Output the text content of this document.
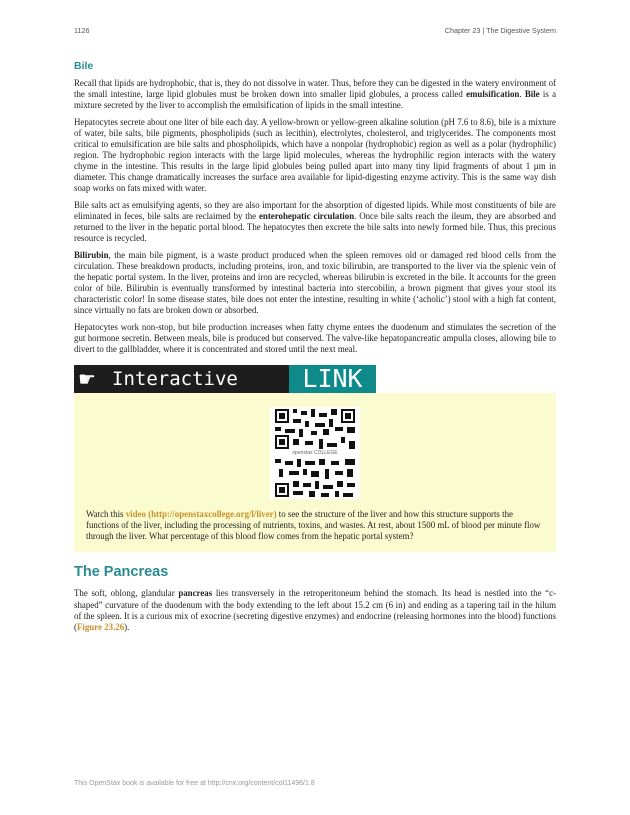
1126	Chapter 23 | The Digestive System
Bile

Recall that lipids are hydrophobic, that is, they do not dissolve in water. Thus, before they can be digested in the watery environment of the small intestine, large lipid globules must be broken down into smaller lipid globules, a process called emulsification. Bile is a mixture secreted by the liver to accomplish the emulsification of lipids in the small intestine.

Hepatocytes secrete about one liter of bile each day. A yellow-brown or yellow-green alkaline solution (pH 7.6 to 8.6), bile is a mixture of water, bile salts, bile pigments, phospholipids (such as lecithin), electrolytes, cholesterol, and triglycerides. The components most critical to emulsification are bile salts and phospholipids, which have a nonpolar (hydrophobic) region as well as a polar (hydrophilic) region. The hydrophobic region interacts with the large lipid molecules, whereas the hydrophilic region interacts with the watery chyme in the intestine. This results in the large lipid globules being pulled apart into many tiny lipid fragments of about 1 µm in diameter. This change dramatically increases the surface area available for lipid-digesting enzyme activity. This is the same way dish soap works on fats mixed with water.

Bile salts act as emulsifying agents, so they are also important for the absorption of digested lipids. While most constituents of bile are eliminated in feces, bile salts are reclaimed by the enterohepatic circulation. Once bile salts reach the ileum, they are absorbed and returned to the liver in the hepatic portal blood. The hepatocytes then excrete the bile salts into newly formed bile. Thus, this precious resource is recycled.

Bilirubin, the main bile pigment, is a waste product produced when the spleen removes old or damaged red blood cells from the circulation. These breakdown products, including proteins, iron, and toxic bilirubin, are transported to the liver via the splenic vein of the hepatic portal system. In the liver, proteins and iron are recycled, whereas bilirubin is excreted in the bile. It accounts for the green color of bile. Bilirubin is eventually transformed by intestinal bacteria into stercobilin, a brown pigment that gives your stool its characteristic color! In some disease states, bile does not enter the intestine, resulting in white (‘acholic’) stool with a high fat content, since virtually no fats are broken down or absorbed.

Hepatocytes work non-stop, but bile production increases when fatty chyme enters the duodenum and stimulates the secretion of the gut hormone secretin. Between meals, bile is produced but conserved. The valve-like hepatopancreatic ampulla closes, allowing bile to divert to the gallbladder, where it is concentrated and stored until the next meal.

☛ Interactive	LINK
openstax COLLEGE

Watch this video (http://openstaxcollege.org/l/liver) to see the structure of the liver and how this structure supports the functions of the liver, including the processing of nutrients, toxins, and wastes. At rest, about 1500 mL of blood per minute flow through the liver. What percentage of this blood flow comes from the hepatic portal system?

The Pancreas

The soft, oblong, glandular pancreas lies transversely in the retroperitoneum behind the stomach. Its head is nestled into the “c-shaped” curvature of the duodenum with the body extending to the left about 15.2 cm (6 in) and ending as a tapering tail in the hilum of the spleen. It is a curious mix of exocrine (secreting digestive enzymes) and endocrine (releasing hormones into the blood) functions (Figure 23.26).

This OpenStax book is available for free at http://cnx.org/content/col11496/1.8
